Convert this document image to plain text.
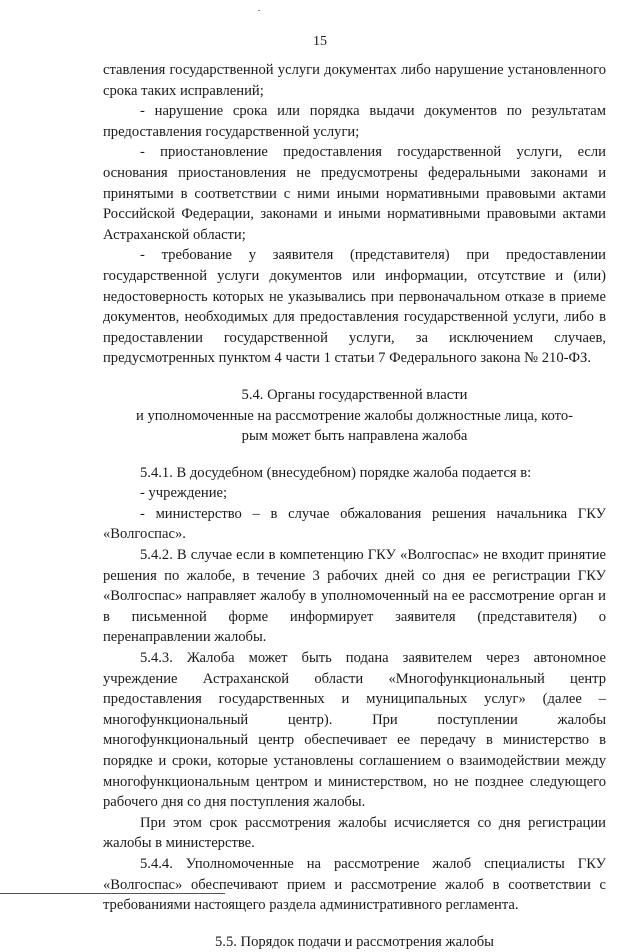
15

ставления государственной услуги документах либо нарушение установленного срока таких исправлений;

- нарушение срока или порядка выдачи документов по результатам предоставления государственной услуги;

- приостановление предоставления государственной услуги, если основания приостановления не предусмотрены федеральными законами и принятыми в соответствии с ними иными нормативными правовыми актами Российской Федерации, законами и иными нормативными правовыми актами Астраханской области;

- требование у заявителя (представителя) при предоставлении государственной услуги документов или информации, отсутствие и (или) недостоверность которых не указывались при первоначальном отказе в приеме документов, необходимых для предоставления государственной услуги, либо в предоставлении государственной услуги, за исключением случаев, предусмотренных пунктом 4 части 1 статьи 7 Федерального закона № 210-ФЗ.

5.4. Органы государственной власти
и уполномоченные на рассмотрение жалобы должностные лица, кото-
рым может быть направлена жалоба

5.4.1. В досудебном (внесудебном) порядке жалоба подается в:

- учреждение;

- министерство – в случае обжалования решения начальника ГКУ «Волгоспас».

5.4.2. В случае если в компетенцию ГКУ «Волгоспас» не входит принятие решения по жалобе, в течение 3 рабочих дней со дня ее регистрации ГКУ «Волгоспас» направляет жалобу в уполномоченный на ее рассмотрение орган и в письменной форме информирует заявителя (представителя) о перенаправлении жалобы.

5.4.3. Жалоба может быть подана заявителем через автономное учреждение Астраханской области «Многофункциональный центр предоставления государственных и муниципальных услуг» (далее – многофункциональный центр). При поступлении жалобы многофункциональный центр обеспечивает ее передачу в министерство в порядке и сроки, которые установлены соглашением о взаимодействии между многофункциональным центром и министерством, но не позднее следующего рабочего дня со дня поступления жалобы.

При этом срок рассмотрения жалобы исчисляется со дня регистрации жалобы в министерстве.

5.4.4. Уполномоченные на рассмотрение жалоб специалисты ГКУ «Волгоспас» обеспечивают прием и рассмотрение жалоб в соответствии с требованиями настоящего раздела административного регламента.

5.5. Порядок подачи и рассмотрения жалобы
